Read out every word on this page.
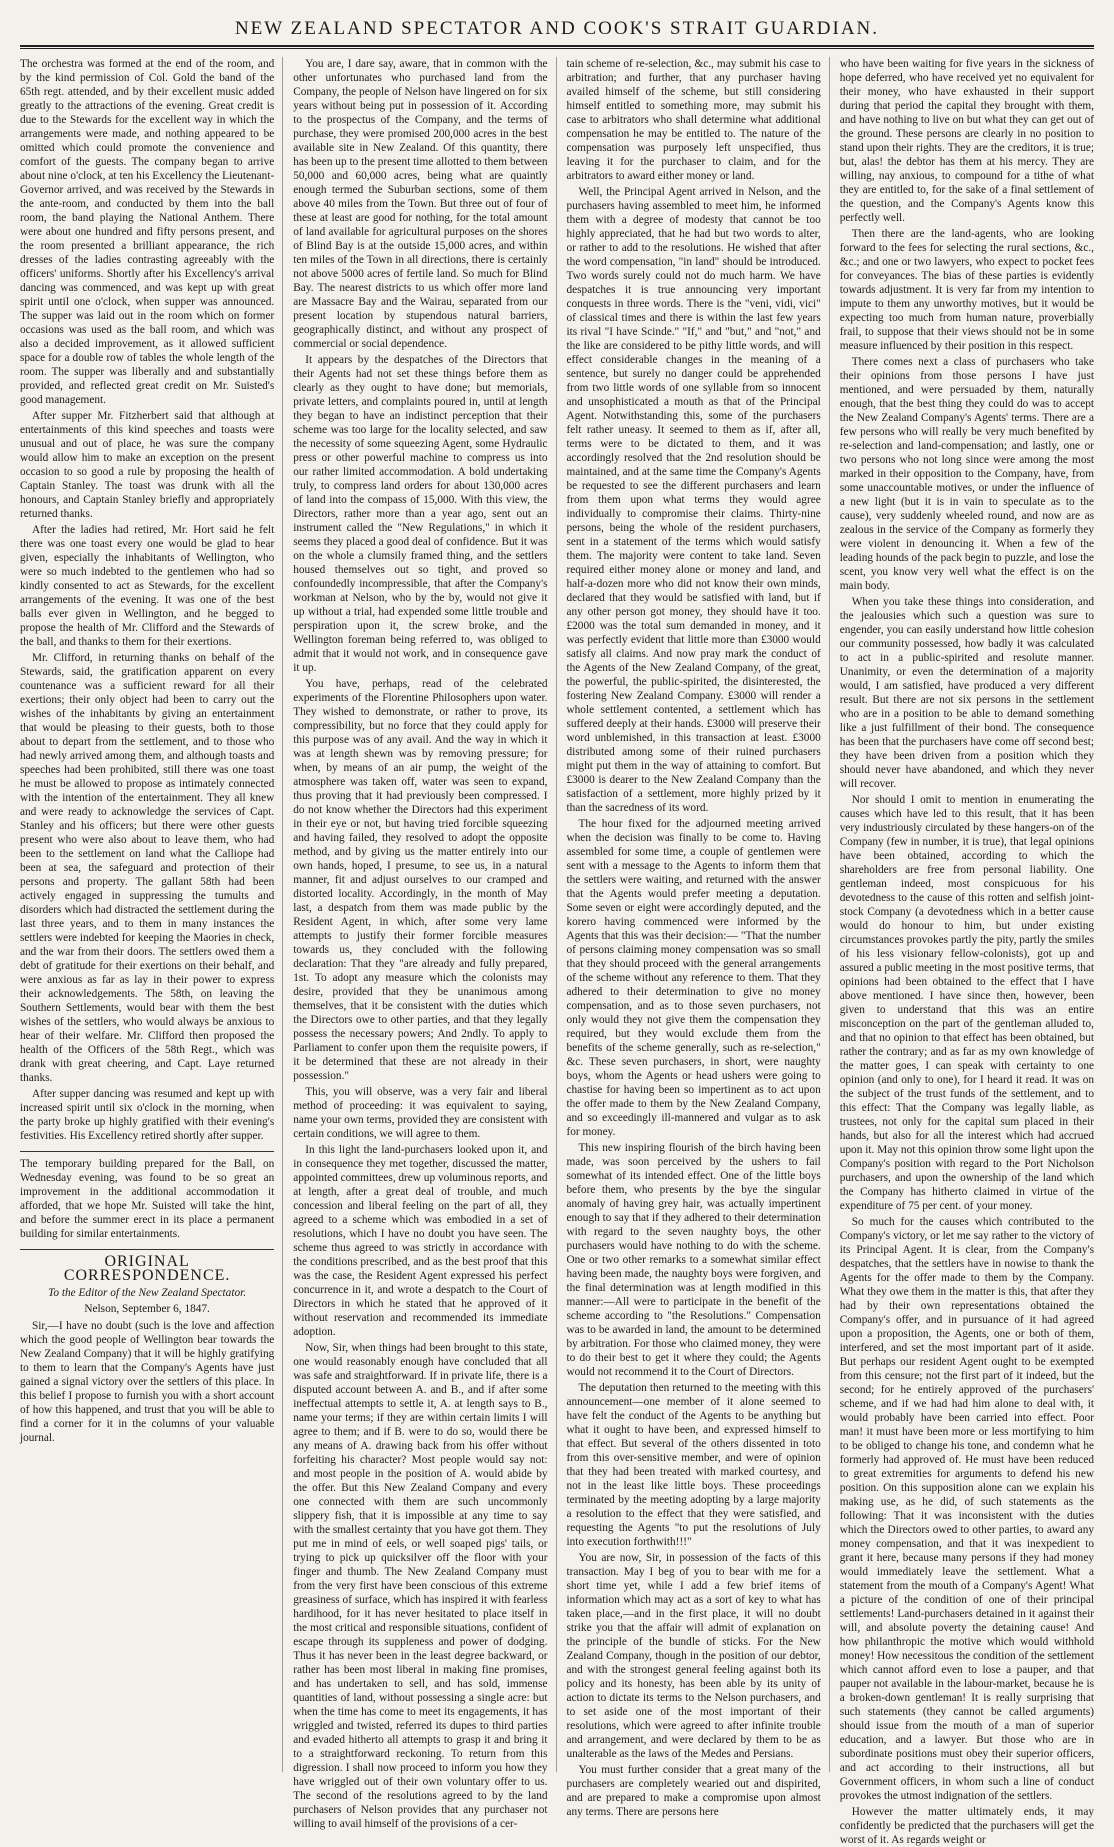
NEW ZEALAND SPECTATOR AND COOK'S STRAIT GUARDIAN.

The orchestra was formed at the end of the room, and by the kind permission of Col. Gold the band of the 65th regt. attended, and by their excellent music added greatly to the attractions of the evening. Great credit is due to the Stewards for the excellent way in which the arrangements were made, and nothing appeared to be omitted which could promote the convenience and comfort of the guests. The company began to arrive about nine o'clock, at ten his Excellency the Lieutenant-Governor arrived, and was received by the Stewards in the ante-room, and conducted by them into the ball room, the band playing the National Anthem. There were about one hundred and fifty persons present, and the room presented a brilliant appearance, the rich dresses of the ladies contrasting agreeably with the officers' uniforms. Shortly after his Excellency's arrival dancing was commenced, and was kept up with great spirit until one o'clock, when supper was announced. The supper was laid out in the room which on former occasions was used as the ball room, and which was also a decided improvement, as it allowed sufficient space for a double row of tables the whole length of the room. The supper was liberally and and substantially provided, and reflected great credit on Mr. Suisted's good management.

After supper Mr. Fitzherbert said that although at entertainments of this kind speeches and toasts were unusual and out of place, he was sure the company would allow him to make an exception on the present occasion to so good a rule by proposing the health of Captain Stanley. The toast was drunk with all the honours, and Captain Stanley briefly and appropriately returned thanks.

After the ladies had retired, Mr. Hort said he felt there was one toast every one would be glad to hear given, especially the inhabitants of Wellington, who were so much indebted to the gentlemen who had so kindly consented to act as Stewards, for the excellent arrangements of the evening. It was one of the best balls ever given in Wellington, and he begged to propose the health of Mr. Clifford and the Stewards of the ball, and thanks to them for their exertions.

Mr. Clifford, in returning thanks on behalf of the Stewards, said, the gratification apparent on every countenance was a sufficient reward for all their exertions; their only object had been to carry out the wishes of the inhabitants by giving an entertainment that would be pleasing to their guests, both to those about to depart from the settlement, and to those who had newly arrived among them, and although toasts and speeches had been prohibited, still there was one toast he must be allowed to propose as intimately connected with the intention of the entertainment. They all knew and were ready to acknowledge the services of Capt. Stanley and his officers; but there were other guests present who were also about to leave them, who had been to the settlement on land what the Calliope had been at sea, the safeguard and protection of their persons and property. The gallant 58th had been actively engaged in suppressing the tumults and disorders which had distracted the settlement during the last three years, and to them in many instances the settlers were indebted for keeping the Maories in check, and the war from their doors. The settlers owed them a debt of gratitude for their exertions on their behalf, and were anxious as far as lay in their power to express their acknowledgements. The 58th, on leaving the Southern Settlements, would bear with them the best wishes of the settlers, who would always be anxious to hear of their welfare. Mr. Clifford then proposed the health of the Officers of the 58th Regt., which was drank with great cheering, and Capt. Laye returned thanks.

After supper dancing was resumed and kept up with increased spirit until six o'clock in the morning, when the party broke up highly gratified with their evening's festivities. His Excellency retired shortly after supper.

The temporary building prepared for the Ball, on Wednesday evening, was found to be so great an improvement in the additional accommodation it afforded, that we hope Mr. Suisted will take the hint, and before the summer erect in its place a permanent building for similar entertainments.

ORIGINAL CORRESPONDENCE.
To the Editor of the New Zealand Spectator.
Nelson, September 6, 1847.

Sir,—I have no doubt (such is the love and affection which the good people of Wellington bear towards the New Zealand Company) that it will be highly gratifying to them to learn that the Company's Agents have just gained a signal victory over the settlers of this place. In this belief I propose to furnish you with a short account of how this happened, and trust that you will be able to find a corner for it in the columns of your valuable journal.

You are, I dare say, aware, that in common with the other unfortunates who purchased land from the Company, the people of Nelson have lingered on for six years without being put in possession of it. According to the prospectus of the Company, and the terms of purchase, they were promised 200,000 acres in the best available site in New Zealand. Of this quantity, there has been up to the present time allotted to them between 50,000 and 60,000 acres, being what are quaintly enough termed the Suburban sections, some of them above 40 miles from the Town. But three out of four of these at least are good for nothing, for the total amount of land available for agricultural purposes on the shores of Blind Bay is at the outside 15,000 acres, and within ten miles of the Town in all directions, there is certainly not above 5000 acres of fertile land. So much for Blind Bay. The nearest districts to us which offer more land are Massacre Bay and the Wairau, separated from our present location by stupendous natural barriers, geographically distinct, and without any prospect of commercial or social dependence.

It appears by the despatches of the Directors that their Agents had not set these things before them as clearly as they ought to have done; but memorials, private letters, and complaints poured in, until at length they began to have an indistinct perception that their scheme was too large for the locality selected, and saw the necessity of some squeezing Agent, some Hydraulic press or other powerful machine to compress us into our rather limited accommodation. A bold undertaking truly, to compress land orders for about 130,000 acres of land into the compass of 15,000. With this view, the Directors, rather more than a year ago, sent out an instrument called the "New Regulations," in which it seems they placed a good deal of confidence. But it was on the whole a clumsily framed thing, and the settlers housed themselves out so tight, and proved so confoundedly incompressible, that after the Company's workman at Nelson, who by the by, would not give it up without a trial, had expended some little trouble and perspiration upon it, the screw broke, and the Wellington foreman being referred to, was obliged to admit that it would not work, and in consequence gave it up.

You have, perhaps, read of the celebrated experiments of the Florentine Philosophers upon water. They wished to demonstrate, or rather to prove, its compressibility, but no force that they could apply for this purpose was of any avail. And the way in which it was at length shewn was by removing pressure; for when, by means of an air pump, the weight of the atmosphere was taken off, water was seen to expand, thus proving that it had previously been compressed. I do not know whether the Directors had this experiment in their eye or not, but having tried forcible squeezing and having failed, they resolved to adopt the opposite method, and by giving us the matter entirely into our own hands, hoped, I presume, to see us, in a natural manner, fit and adjust ourselves to our cramped and distorted locality. Accordingly, in the month of May last, a despatch from them was made public by the Resident Agent, in which, after some very lame attempts to justify their former forcible measures towards us, they concluded with the following declaration: That they "are already and fully prepared, 1st. To adopt any measure which the colonists may desire, provided that they be unanimous among themselves, that it be consistent with the duties which the Directors owe to other parties, and that they legally possess the necessary powers; And 2ndly. To apply to Parliament to confer upon them the requisite powers, if it be determined that these are not already in their possession."

This, you will observe, was a very fair and liberal method of proceeding: it was equivalent to saying, name your own terms, provided they are consistent with certain conditions, we will agree to them.

In this light the land-purchasers looked upon it, and in consequence they met together, discussed the matter, appointed committees, drew up voluminous reports, and at length, after a great deal of trouble, and much concession and liberal feeling on the part of all, they agreed to a scheme which was embodied in a set of resolutions, which I have no doubt you have seen. The scheme thus agreed to was strictly in accordance with the conditions prescribed, and as the best proof that this was the case, the Resident Agent expressed his perfect concurrence in it, and wrote a despatch to the Court of Directors in which he stated that he approved of it without reservation and recommended its immediate adoption.

Now, Sir, when things had been brought to this state, one would reasonably enough have concluded that all was safe and straightforward. If in private life, there is a disputed account between A. and B., and if after some ineffectual attempts to settle it, A. at length says to B., name your terms; if they are within certain limits I will agree to them; and if B. were to do so, would there be any means of A. drawing back from his offer without forfeiting his character? Most people would say not: and most people in the position of A. would abide by the offer. But this New Zealand Company and every one connected with them are such uncommonly slippery fish, that it is impossible at any time to say with the smallest certainty that you have got them. They put me in mind of eels, or well soaped pigs' tails, or trying to pick up quicksilver off the floor with your finger and thumb. The New Zealand Company must from the very first have been conscious of this extreme greasiness of surface, which has inspired it with fearless hardihood, for it has never hesitated to place itself in the most critical and responsible situations, confident of escape through its suppleness and power of dodging. Thus it has never been in the least degree backward, or rather has been most liberal in making fine promises, and has undertaken to sell, and has sold, immense quantities of land, without possessing a single acre: but when the time has come to meet its engagements, it has wriggled and twisted, referred its dupes to third parties and evaded hitherto all attempts to grasp it and bring it to a straightforward reckoning. To return from this digression. I shall now proceed to inform you how they have wriggled out of their own voluntary offer to us. The second of the resolutions agreed to by the land purchasers of Nelson provides that any purchaser not willing to avail himself of the provisions of a cer-

tain scheme of re-selection, &c., may submit his case to arbitration; and further, that any purchaser having availed himself of the scheme, but still considering himself entitled to something more, may submit his case to arbitrators who shall determine what additional compensation he may be entitled to. The nature of the compensation was purposely left unspecified, thus leaving it for the purchaser to claim, and for the arbitrators to award either money or land.

Well, the Principal Agent arrived in Nelson, and the purchasers having assembled to meet him, he informed them with a degree of modesty that cannot be too highly appreciated, that he had but two words to alter, or rather to add to the resolutions. He wished that after the word compensation, "in land" should be introduced. Two words surely could not do much harm. We have despatches it is true announcing very important conquests in three words. There is the "veni, vidi, vici" of classical times and there is within the last few years its rival "I have Scinde." "If," and "but," and "not," and the like are considered to be pithy little words, and will effect considerable changes in the meaning of a sentence, but surely no danger could be apprehended from two little words of one syllable from so innocent and unsophisticated a mouth as that of the Principal Agent. Notwithstanding this, some of the purchasers felt rather uneasy. It seemed to them as if, after all, terms were to be dictated to them, and it was accordingly resolved that the 2nd resolution should be maintained, and at the same time the Company's Agents be requested to see the different purchasers and learn from them upon what terms they would agree individually to compromise their claims. Thirty-nine persons, being the whole of the resident purchasers, sent in a statement of the terms which would satisfy them. The majority were content to take land. Seven required either money alone or money and land, and half-a-dozen more who did not know their own minds, declared that they would be satisfied with land, but if any other person got money, they should have it too. £2000 was the total sum demanded in money, and it was perfectly evident that little more than £3000 would satisfy all claims. And now pray mark the conduct of the Agents of the New Zealand Company, of the great, the powerful, the public-spirited, the disinterested, the fostering New Zealand Company. £3000 will render a whole settlement contented, a settlement which has suffered deeply at their hands. £3000 will preserve their word unblemished, in this transaction at least. £3000 distributed among some of their ruined purchasers might put them in the way of attaining to comfort. But £3000 is dearer to the New Zealand Company than the satisfaction of a settlement, more highly prized by it than the sacredness of its word.

The hour fixed for the adjourned meeting arrived when the decision was finally to be come to. Having assembled for some time, a couple of gentlemen were sent with a message to the Agents to inform them that the settlers were waiting, and returned with the answer that the Agents would prefer meeting a deputation. Some seven or eight were accordingly deputed, and the korero having commenced were informed by the Agents that this was their decision:— "That the number of persons claiming money compensation was so small that they should proceed with the general arrangements of the scheme without any reference to them. That they adhered to their determination to give no money compensation, and as to those seven purchasers, not only would they not give them the compensation they required, but they would exclude them from the benefits of the scheme generally, such as re-selection," &c. These seven purchasers, in short, were naughty boys, whom the Agents or head ushers were going to chastise for having been so impertinent as to act upon the offer made to them by the New Zealand Company, and so exceedingly ill-mannered and vulgar as to ask for money.

This new inspiring flourish of the birch having been made, was soon perceived by the ushers to fail somewhat of its intended effect. One of the little boys before them, who presents by the bye the singular anomaly of having grey hair, was actually impertinent enough to say that if they adhered to their determination with regard to the seven naughty boys, the other purchasers would have nothing to do with the scheme. One or two other remarks to a somewhat similar effect having been made, the naughty boys were forgiven, and the final determination was at length modified in this manner:—All were to participate in the benefit of the scheme according to "the Resolutions." Compensation was to be awarded in land, the amount to be determined by arbitration. For those who claimed money, they were to do their best to get it where they could; the Agents would not recommend it to the Court of Directors.

The deputation then returned to the meeting with this announcement—one member of it alone seemed to have felt the conduct of the Agents to be anything but what it ought to have been, and expressed himself to that effect. But several of the others dissented in toto from this over-sensitive member, and were of opinion that they had been treated with marked courtesy, and not in the least like little boys. These proceedings terminated by the meeting adopting by a large majority a resolution to the effect that they were satisfied, and requesting the Agents "to put the resolutions of July into execution forthwith!!!"

You are now, Sir, in possession of the facts of this transaction. May I beg of you to bear with me for a short time yet, while I add a few brief items of information which may act as a sort of key to what has taken place,—and in the first place, it will no doubt strike you that the affair will admit of explanation on the principle of the bundle of sticks. For the New Zealand Company, though in the position of our debtor, and with the strongest general feeling against both its policy and its honesty, has been able by its unity of action to dictate its terms to the Nelson purchasers, and to set aside one of the most important of their resolutions, which were agreed to after infinite trouble and arrangement, and were declared by them to be as unalterable as the laws of the Medes and Persians.

You must further consider that a great many of the purchasers are completely wearied out and dispirited, and are prepared to make a compromise upon almost any terms. There are persons here

who have been waiting for five years in the sickness of hope deferred, who have received yet no equivalent for their money, who have exhausted in their support during that period the capital they brought with them, and have nothing to live on but what they can get out of the ground. These persons are clearly in no position to stand upon their rights. They are the creditors, it is true; but, alas! the debtor has them at his mercy. They are willing, nay anxious, to compound for a tithe of what they are entitled to, for the sake of a final settlement of the question, and the Company's Agents know this perfectly well.

Then there are the land-agents, who are looking forward to the fees for selecting the rural sections, &c., &c.; and one or two lawyers, who expect to pocket fees for conveyances. The bias of these parties is evidently towards adjustment. It is very far from my intention to impute to them any unworthy motives, but it would be expecting too much from human nature, proverbially frail, to suppose that their views should not be in some measure influenced by their position in this respect.

There comes next a class of purchasers who take their opinions from those persons I have just mentioned, and were persuaded by them, naturally enough, that the best thing they could do was to accept the New Zealand Company's Agents' terms. There are a few persons who will really be very much benefited by re-selection and land-compensation; and lastly, one or two persons who not long since were among the most marked in their opposition to the Company, have, from some unaccountable motives, or under the influence of a new light (but it is in vain to speculate as to the cause), very suddenly wheeled round, and now are as zealous in the service of the Company as formerly they were violent in denouncing it. When a few of the leading hounds of the pack begin to puzzle, and lose the scent, you know very well what the effect is on the main body.

When you take these things into consideration, and the jealousies which such a question was sure to engender, you can easily understand how little cohesion our community possessed, how badly it was calculated to act in a public-spirited and resolute manner. Unanimity, or even the determination of a majority would, I am satisfied, have produced a very different result. But there are not six persons in the settlement who are in a position to be able to demand something like a just fulfillment of their bond. The consequence has been that the purchasers have come off second best; they have been driven from a position which they should never have abandoned, and which they never will recover.

Nor should I omit to mention in enumerating the causes which have led to this result, that it has been very industriously circulated by these hangers-on of the Company (few in number, it is true), that legal opinions have been obtained, according to which the shareholders are free from personal liability. One gentleman indeed, most conspicuous for his devotedness to the cause of this rotten and selfish joint-stock Company (a devotedness which in a better cause would do honour to him, but under existing circumstances provokes partly the pity, partly the smiles of his less visionary fellow-colonists), got up and assured a public meeting in the most positive terms, that opinions had been obtained to the effect that I have above mentioned. I have since then, however, been given to understand that this was an entire misconception on the part of the gentleman alluded to, and that no opinion to that effect has been obtained, but rather the contrary; and as far as my own knowledge of the matter goes, I can speak with certainty to one opinion (and only to one), for I heard it read. It was on the subject of the trust funds of the settlement, and to this effect: That the Company was legally liable, as trustees, not only for the capital sum placed in their hands, but also for all the interest which had accrued upon it. May not this opinion throw some light upon the Company's position with regard to the Port Nicholson purchasers, and upon the ownership of the land which the Company has hitherto claimed in virtue of the expenditure of 75 per cent. of your money.

So much for the causes which contributed to the Company's victory, or let me say rather to the victory of its Principal Agent. It is clear, from the Company's despatches, that the settlers have in nowise to thank the Agents for the offer made to them by the Company. What they owe them in the matter is this, that after they had by their own representations obtained the Company's offer, and in pursuance of it had agreed upon a proposition, the Agents, one or both of them, interfered, and set the most important part of it aside. But perhaps our resident Agent ought to be exempted from this censure; not the first part of it indeed, but the second; for he entirely approved of the purchasers' scheme, and if we had had him alone to deal with, it would probably have been carried into effect. Poor man! it must have been more or less mortifying to him to be obliged to change his tone, and condemn what he formerly had approved of. He must have been reduced to great extremities for arguments to defend his new position. On this supposition alone can we explain his making use, as he did, of such statements as the following: That it was inconsistent with the duties which the Directors owed to other parties, to award any money compensation, and that it was inexpedient to grant it here, because many persons if they had money would immediately leave the settlement. What a statement from the mouth of a Company's Agent! What a picture of the condition of one of their principal settlements! Land-purchasers detained in it against their will, and absolute poverty the detaining cause! And how philanthropic the motive which would withhold money! How necessitous the condition of the settlement which cannot afford even to lose a pauper, and that pauper not available in the labour-market, because he is a broken-down gentleman! It is really surprising that such statements (they cannot be called arguments) should issue from the mouth of a man of superior education, and a lawyer. But those who are in subordinate positions must obey their superior officers, and act according to their instructions, all but Government officers, in whom such a line of conduct provokes the utmost indignation of the settlers.

However the matter ultimately ends, it may confidently be predicted that the purchasers will get the worst of it. As regards weight or
